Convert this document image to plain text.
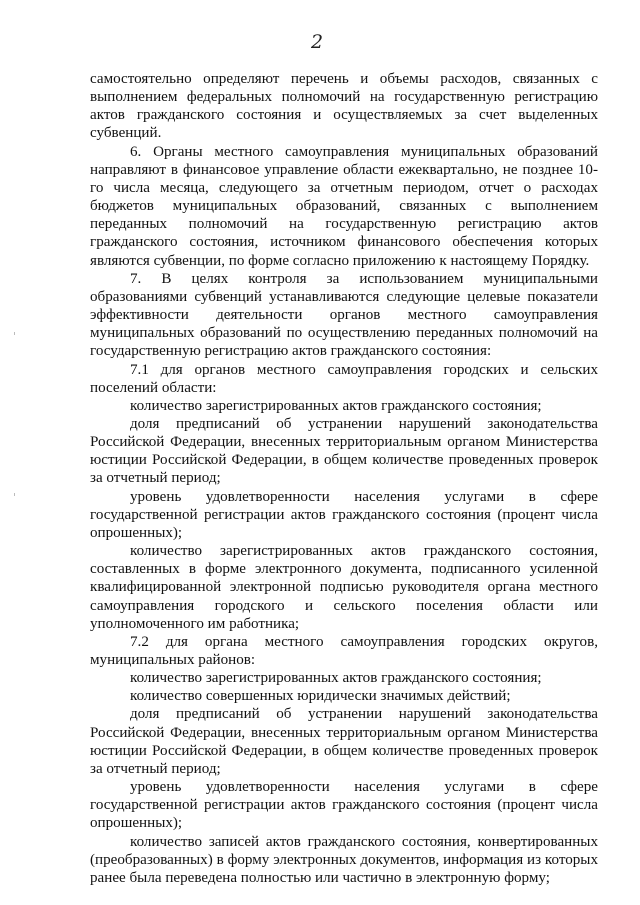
2

самостоятельно определяют перечень и объемы расходов, связанных с выполнением федеральных полномочий на государственную регистрацию актов гражданского состояния и осуществляемых за счет выделенных субвенций.

6. Органы местного самоуправления муниципальных образований направляют в финансовое управление области ежеквартально, не позднее 10-го числа месяца, следующего за отчетным периодом, отчет о расходах бюджетов муниципальных образований, связанных с выполнением переданных полномочий на государственную регистрацию актов гражданского состояния, источником финансового обеспечения которых являются субвенции, по форме согласно приложению к настоящему Порядку.

7. В целях контроля за использованием муниципальными образованиями субвенций устанавливаются следующие целевые показатели эффективности деятельности органов местного самоуправления муниципальных образований по осуществлению переданных полномочий на государственную регистрацию актов гражданского состояния:

7.1 для органов местного самоуправления городских и сельских поселений области:

количество зарегистрированных актов гражданского состояния;

доля предписаний об устранении нарушений законодательства Российской Федерации, внесенных территориальным органом Министерства юстиции Российской Федерации, в общем количестве проведенных проверок за отчетный период;

уровень удовлетворенности населения услугами в сфере государственной регистрации актов гражданского состояния (процент числа опрошенных);

количество зарегистрированных актов гражданского состояния, составленных в форме электронного документа, подписанного усиленной квалифицированной электронной подписью руководителя органа местного самоуправления городского и сельского поселения области или уполномоченного им работника;

7.2 для органа местного самоуправления городских округов, муниципальных районов:

количество зарегистрированных актов гражданского состояния;

количество совершенных юридически значимых действий;

доля предписаний об устранении нарушений законодательства Российской Федерации, внесенных территориальным органом Министерства юстиции Российской Федерации, в общем количестве проведенных проверок за отчетный период;

уровень удовлетворенности населения услугами в сфере государственной регистрации актов гражданского состояния (процент числа опрошенных);

количество записей актов гражданского состояния, конвертированных (преобразованных) в форму электронных документов, информация из которых ранее была переведена полностью или частично в электронную форму;
